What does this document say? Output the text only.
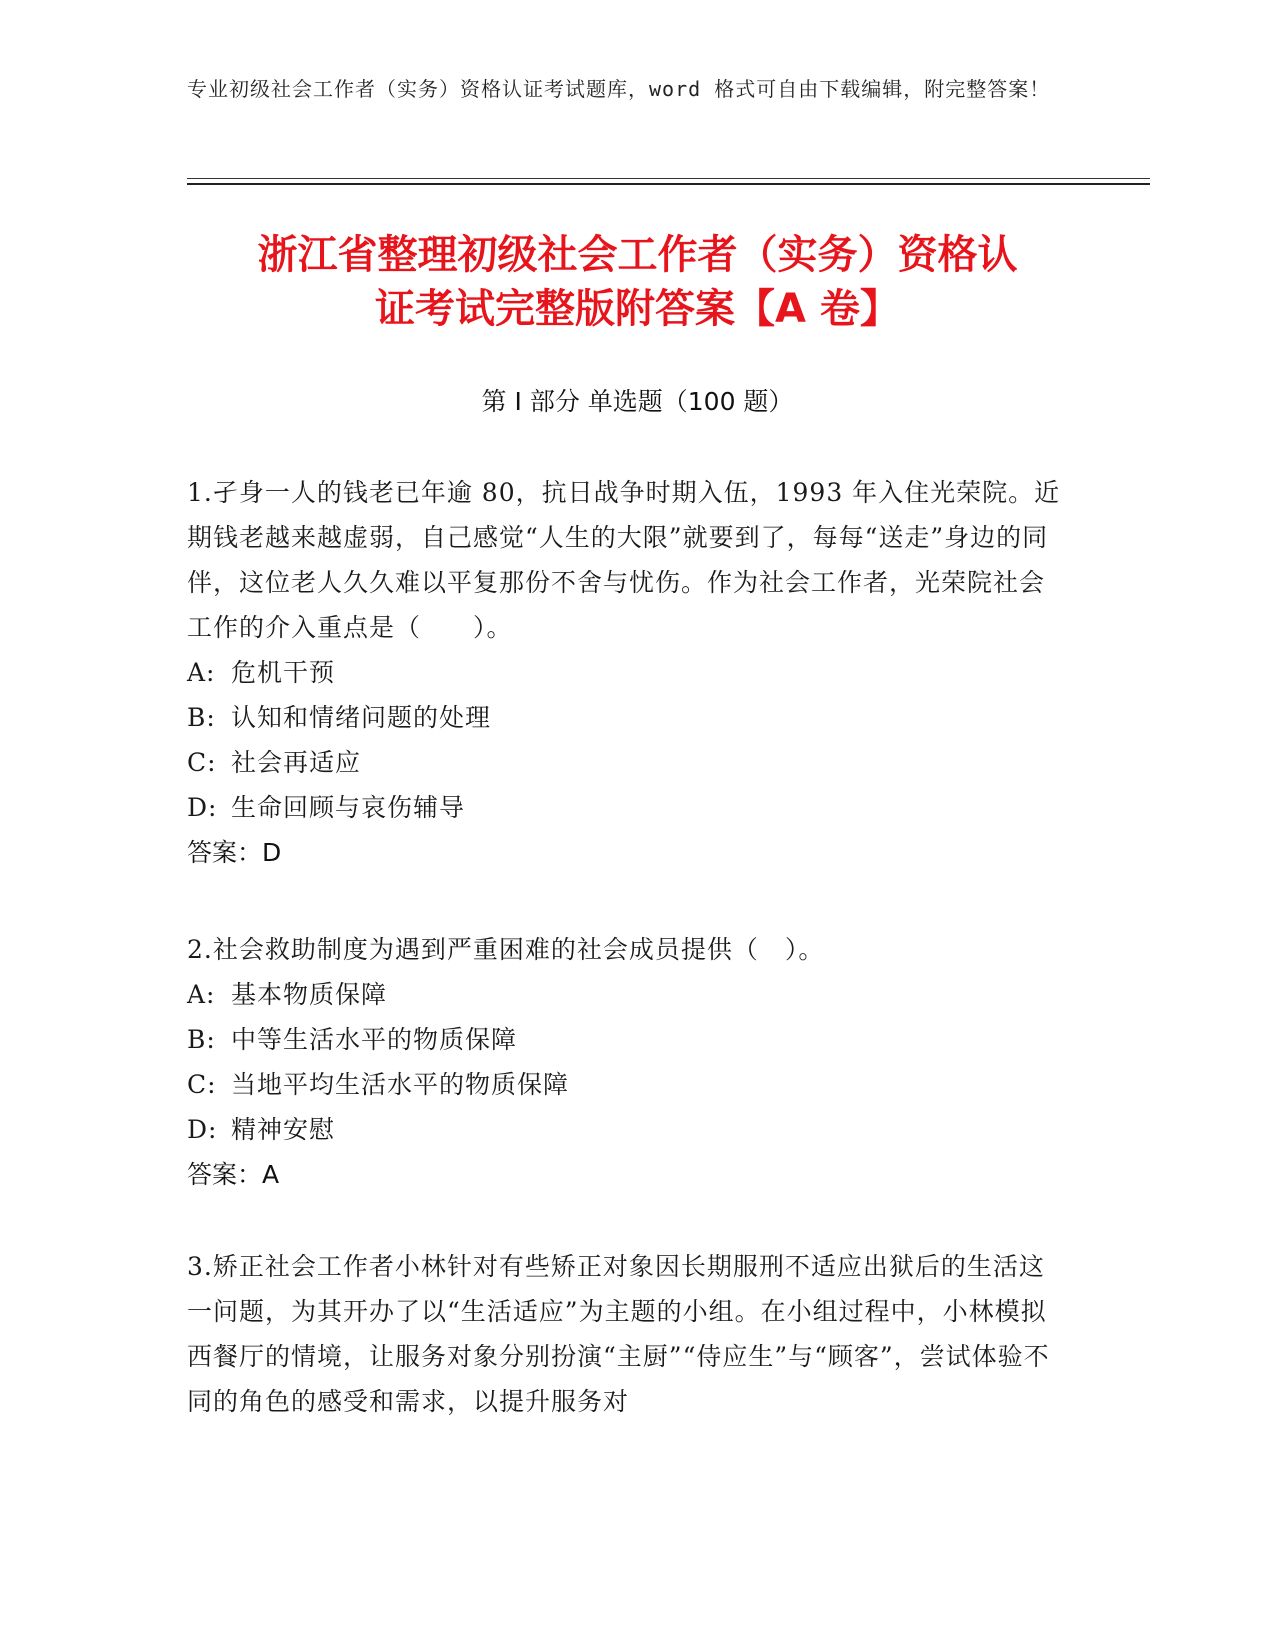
专业初级社会工作者（实务）资格认证考试题库，word 格式可自由下载编辑，附完整答案！
浙江省整理初级社会工作者（实务）资格认
证考试完整版附答案【A 卷】
第 I 部分 单选题（100 题）
1.孑身一人的钱老已年逾 80，抗日战争时期入伍，1993 年入住光荣院。近期钱老越来越虚弱，自己感觉“人生的大限”就要到了，每每“送走”身边的同伴，这位老人久久难以平复那份不舍与忧伤。作为社会工作者，光荣院社会工作的介入重点是（　　）。
A: 危机干预
B: 认知和情绪问题的处理
C: 社会再适应
D: 生命回顾与哀伤辅导
答案：D
2.社会救助制度为遇到严重困难的社会成员提供（　）。
A: 基本物质保障
B: 中等生活水平的物质保障
C: 当地平均生活水平的物质保障
D: 精神安慰
答案：A
3.矫正社会工作者小林针对有些矫正对象因长期服刑不适应出狱后的生活这一问题，为其开办了以“生活适应”为主题的小组。在小组过程中，小林模拟西餐厅的情境，让服务对象分别扮演“主厨”“侍应生”与“顾客”，尝试体验不同的角色的感受和需求，以提升服务对
